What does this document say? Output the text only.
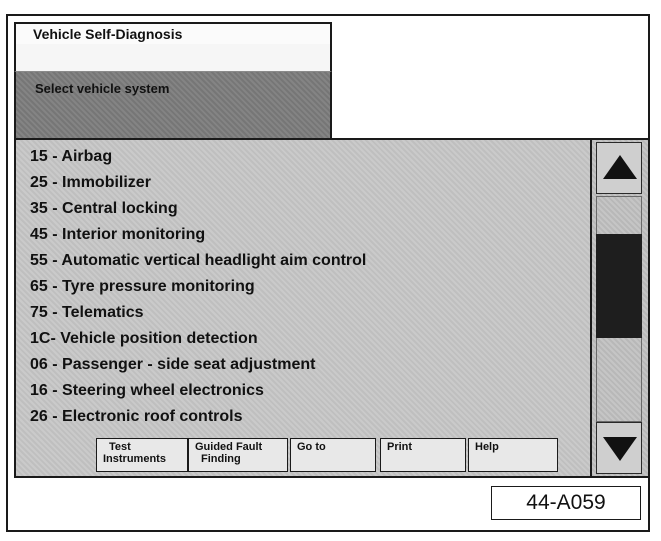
Vehicle Self-Diagnosis
Select vehicle system
15 - Airbag
25 - Immobilizer
35 - Central locking
45 - Interior monitoring
55 - Automatic vertical headlight aim control
65 - Tyre pressure monitoring
75 - Telematics
1C- Vehicle position detection
06 - Passenger - side seat adjustment
16 - Steering wheel electronics
26 - Electronic roof controls
Test
Instruments
Guided Fault
Finding
Go to	Print	Help
44-A059
